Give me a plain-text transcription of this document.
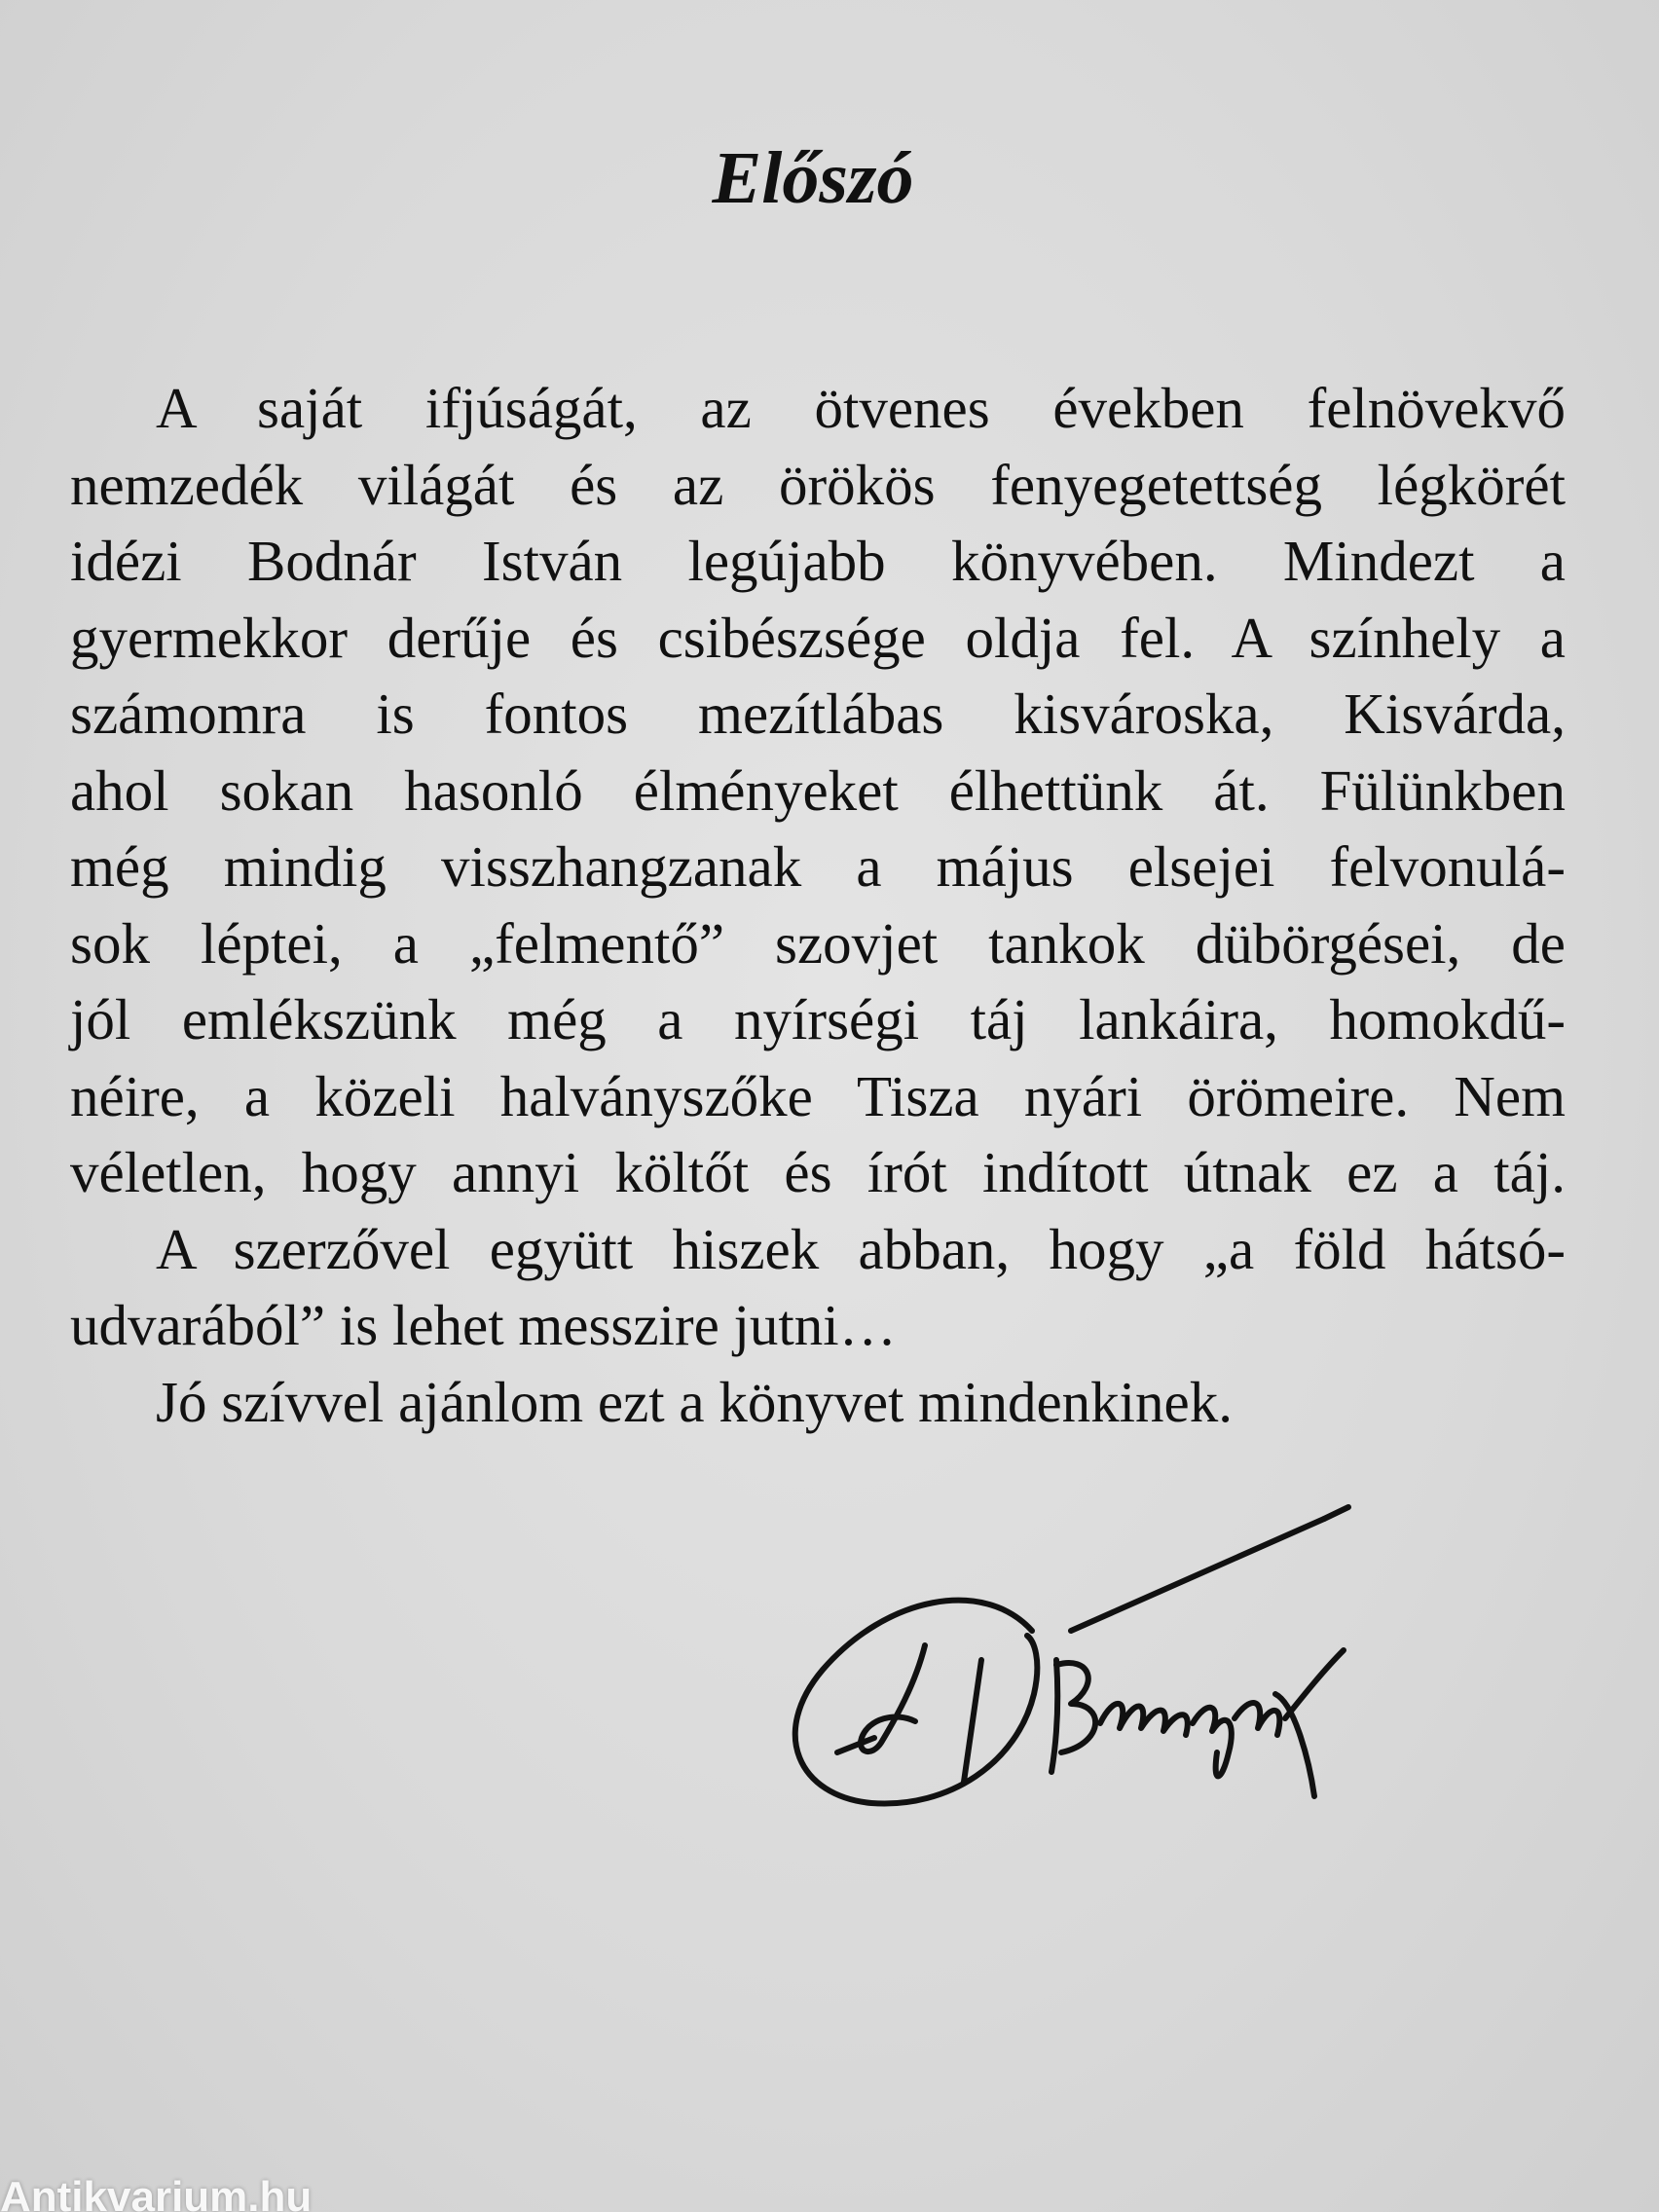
Előszó
A saját ifjúságát, az ötvenes években felnövekvő
nemzedék világát és az örökös fenyegetettség légkörét
idézi Bodnár István legújabb könyvében. Mindezt a
gyermekkor derűje és csibészsége oldja fel. A színhely a
számomra is fontos mezítlábas kisvároska, Kisvárda,
ahol sokan hasonló élményeket élhettünk át. Fülünkben
még mindig visszhangzanak a május elsejei felvonulá-
sok léptei, a „felmentő” szovjet tankok dübörgései, de
jól emlékszünk még a nyírségi táj lankáira, homokdű-
néire, a közeli halványszőke Tisza nyári örömeire. Nem
véletlen, hogy annyi költőt és írót indított útnak ez a táj.
A szerzővel együtt hiszek abban, hogy „a föld hátsó-
udvarából” is lehet messzire jutni…
Jó szívvel ajánlom ezt a könyvet mindenkinek.
Antikvarium.hu
